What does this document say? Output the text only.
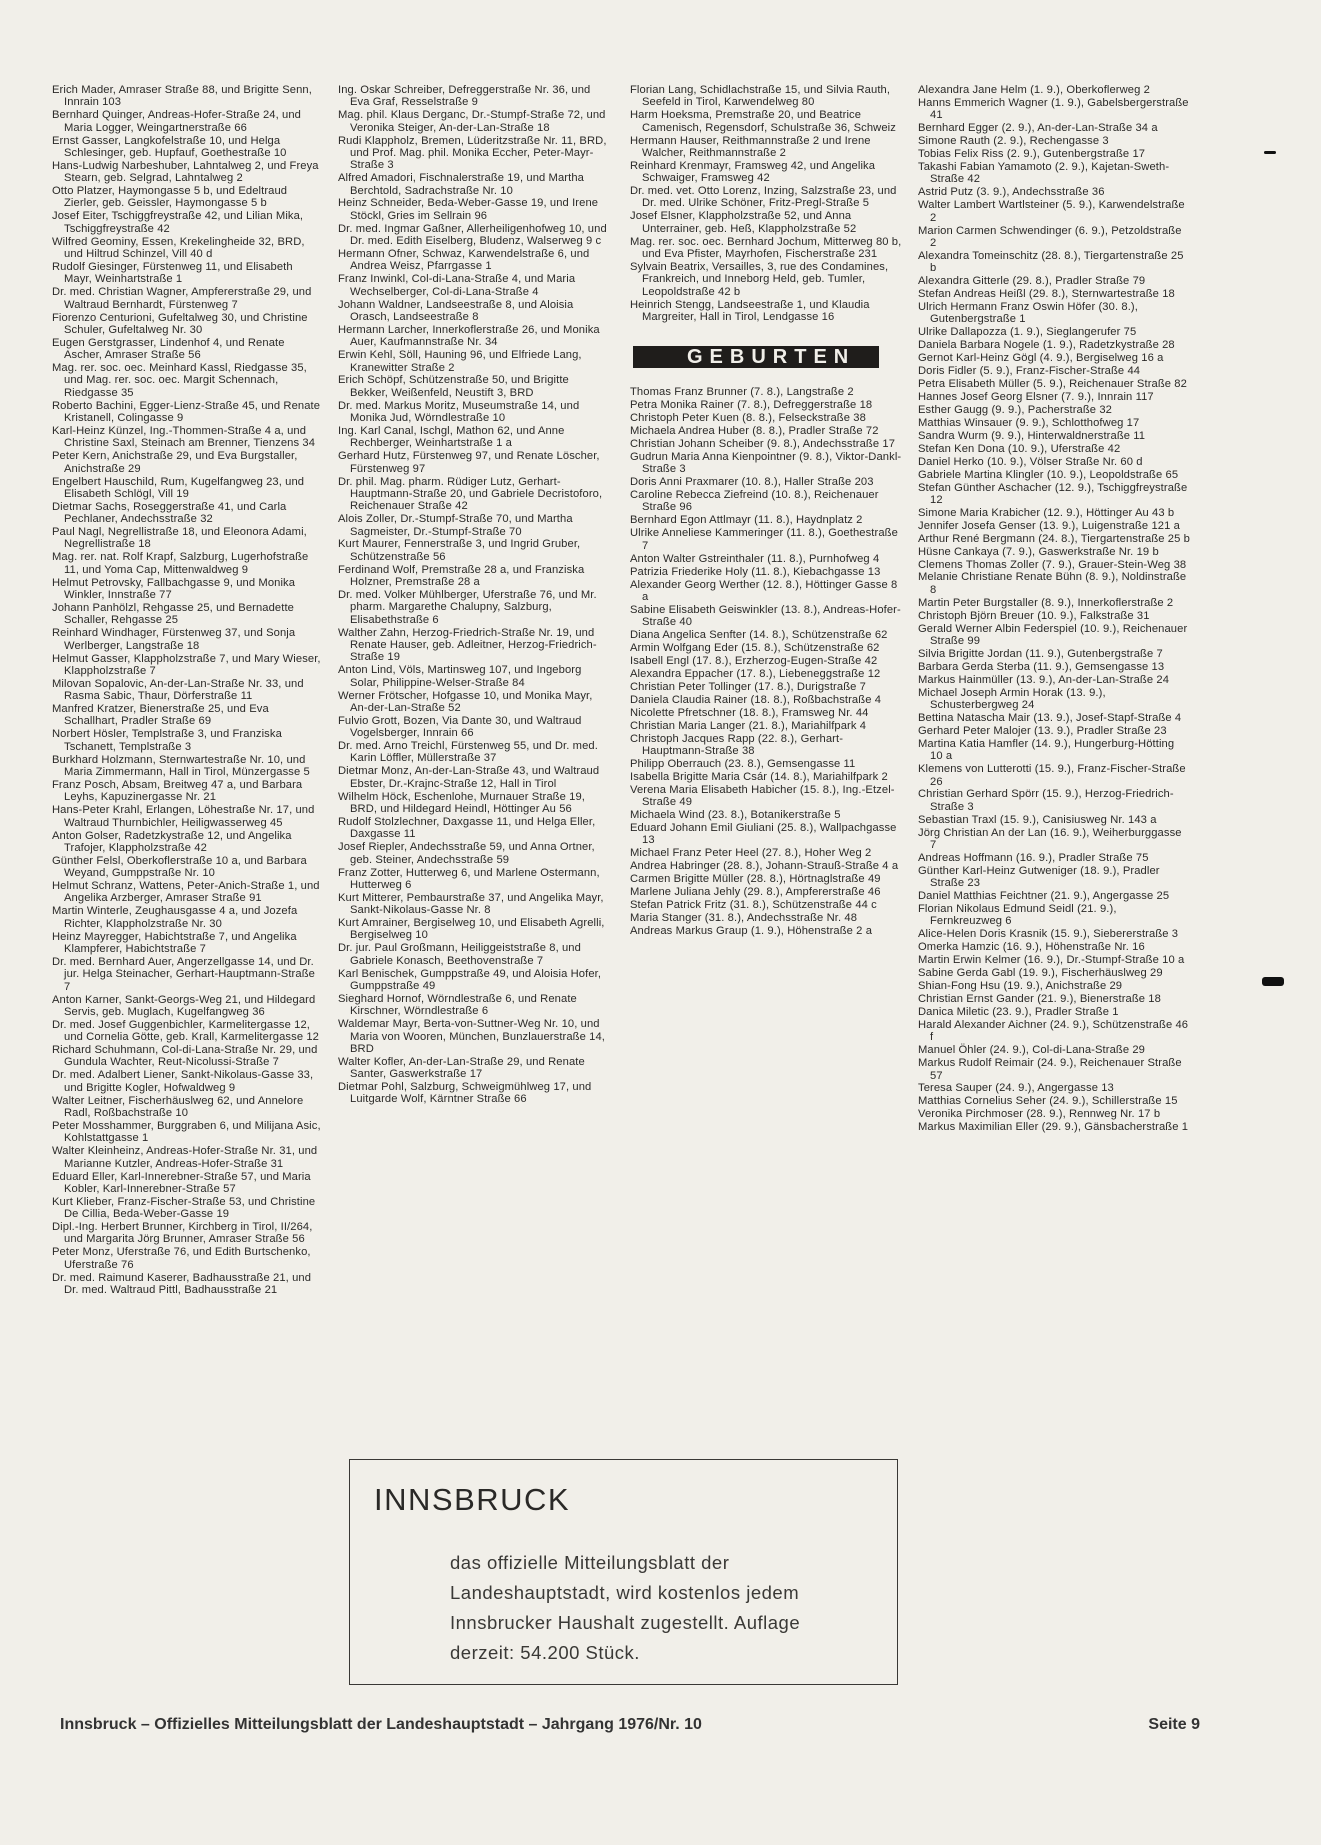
Erich Mader, Amraser Straße 88, und Brigitte Senn, Innrain 103

Bernhard Quinger, Andreas-Hofer-Straße 24, und Maria Logger, Weingartnerstraße 66

Ernst Gasser, Langkofelstraße 10, und Helga Schlesinger, geb. Hupfauf, Goethestraße 10

Hans-Ludwig Narbeshuber, Lahntalweg 2, und Freya Stearn, geb. Selgrad, Lahntalweg 2

Otto Platzer, Haymongasse 5 b, und Edeltraud Zierler, geb. Geissler, Haymongasse 5 b

Josef Eiter, Tschiggfreystraße 42, und Lilian Mika, Tschiggfreystraße 42

Wilfred Geominy, Essen, Krekelingheide 32, BRD, und Hiltrud Schinzel, Vill 40 d

Rudolf Giesinger, Fürstenweg 11, und Elisabeth Mayr, Weinhartstraße 1

Dr. med. Christian Wagner, Ampfererstraße 29, und Waltraud Bernhardt, Fürstenweg 7

Fiorenzo Centurioni, Gufeltalweg 30, und Christine Schuler, Gufeltalweg Nr. 30

Eugen Gerstgrasser, Lindenhof 4, und Renate Ascher, Amraser Straße 56

Mag. rer. soc. oec. Meinhard Kassl, Riedgasse 35, und Mag. rer. soc. oec. Margit Schennach, Riedgasse 35

Roberto Bachini, Egger-Lienz-Straße 45, und Renate Kristanell, Colingasse 9

Karl-Heinz Künzel, Ing.-Thommen-Straße 4 a, und Christine Saxl, Steinach am Brenner, Tienzens 34

Peter Kern, Anichstraße 29, und Eva Burgstaller, Anichstraße 29

Engelbert Hauschild, Rum, Kugelfangweg 23, und Elisabeth Schlögl, Vill 19

Dietmar Sachs, Roseggerstraße 41, und Carla Pechlaner, Andechsstraße 32

Paul Nagl, Negrellistraße 18, und Eleonora Adami, Negrellistraße 18

Mag. rer. nat. Rolf Krapf, Salzburg, Lugerhofstraße 11, und Yoma Cap, Mittenwaldweg 9

Helmut Petrovsky, Fallbachgasse 9, und Monika Winkler, Innstraße 77

Johann Panhölzl, Rehgasse 25, und Bernadette Schaller, Rehgasse 25

Reinhard Windhager, Fürstenweg 37, und Sonja Werlberger, Langstraße 18

Helmut Gasser, Klappholzstraße 7, und Mary Wieser, Klappholzstraße 7

Milovan Sopalovic, An-der-Lan-Straße Nr. 33, und Rasma Sabic, Thaur, Dörferstraße 11

Manfred Kratzer, Bienerstraße 25, und Eva Schallhart, Pradler Straße 69

Norbert Hösler, Templstraße 3, und Franziska Tschanett, Templstraße 3

Burkhard Holzmann, Sternwartestraße Nr. 10, und Maria Zimmermann, Hall in Tirol, Münzergasse 5

Franz Posch, Absam, Breitweg 47 a, und Barbara Leyhs, Kapuzinergasse Nr. 21

Hans-Peter Krahl, Erlangen, Löhestraße Nr. 17, und Waltraud Thurnbichler, Heiligwasserweg 45

Anton Golser, Radetzkystraße 12, und Angelika Trafojer, Klappholzstraße 42

Günther Felsl, Oberkoflerstraße 10 a, und Barbara Weyand, Gumppstraße Nr. 10

Helmut Schranz, Wattens, Peter-Anich-Straße 1, und Angelika Arzberger, Amraser Straße 91

Martin Winterle, Zeughausgasse 4 a, und Jozefa Richter, Klappholzstraße Nr. 30

Heinz Mayregger, Habichtstraße 7, und Angelika Klampferer, Habichtstraße 7

Dr. med. Bernhard Auer, Angerzellgasse 14, und Dr. jur. Helga Steinacher, Gerhart-Hauptmann-Straße 7

Anton Karner, Sankt-Georgs-Weg 21, und Hildegard Servis, geb. Muglach, Kugelfangweg 36

Dr. med. Josef Guggenbichler, Karmelitergasse 12, und Cornelia Götte, geb. Krall, Karmelitergasse 12

Richard Schuhmann, Col-di-Lana-Straße Nr. 29, und Gundula Wachter, Reut-Nicolussi-Straße 7

Dr. med. Adalbert Liener, Sankt-Nikolaus-Gasse 33, und Brigitte Kogler, Hofwaldweg 9

Walter Leitner, Fischerhäuslweg 62, und Annelore Radl, Roßbachstraße 10

Peter Mosshammer, Burggraben 6, und Milijana Asic, Kohlstattgasse 1

Walter Kleinheinz, Andreas-Hofer-Straße Nr. 31, und Marianne Kutzler, Andreas-Hofer-Straße 31

Eduard Eller, Karl-Innerebner-Straße 57, und Maria Kobler, Karl-Innerebner-Straße 57

Kurt Klieber, Franz-Fischer-Straße 53, und Christine De Cillia, Beda-Weber-Gasse 19

Dipl.-Ing. Herbert Brunner, Kirchberg in Tirol, II/264, und Margarita Jörg Brunner, Amraser Straße 56

Peter Monz, Uferstraße 76, und Edith Burtschenko, Uferstraße 76

Dr. med. Raimund Kaserer, Badhausstraße 21, und Dr. med. Waltraud Pittl, Badhausstraße 21

Ing. Oskar Schreiber, Defreggerstraße Nr. 36, und Eva Graf, Resselstraße 9

Mag. phil. Klaus Derganc, Dr.-Stumpf-Straße 72, und Veronika Steiger, An-der-Lan-Straße 18

Rudi Klappholz, Bremen, Lüderitzstraße Nr. 11, BRD, und Prof. Mag. phil. Monika Eccher, Peter-Mayr-Straße 3

Alfred Amadori, Fischnalerstraße 19, und Martha Berchtold, Sadrachstraße Nr. 10

Heinz Schneider, Beda-Weber-Gasse 19, und Irene Stöckl, Gries im Sellrain 96

Dr. med. Ingmar Gaßner, Allerheiligenhofweg 10, und Dr. med. Edith Eiselberg, Bludenz, Walserweg 9 c

Hermann Ofner, Schwaz, Karwendelstraße 6, und Andrea Weisz, Pfarrgasse 1

Franz Inwinkl, Col-di-Lana-Straße 4, und Maria Wechselberger, Col-di-Lana-Straße 4

Johann Waldner, Landseestraße 8, und Aloisia Orasch, Landseestraße 8

Hermann Larcher, Innerkoflerstraße 26, und Monika Auer, Kaufmannstraße Nr. 34

Erwin Kehl, Söll, Hauning 96, und Elfriede Lang, Kranewitter Straße 2

Erich Schöpf, Schützenstraße 50, und Brigitte Bekker, Weißenfeld, Neustift 3, BRD

Dr. med. Markus Moritz, Museumstraße 14, und Monika Jud, Wörndlestraße 10

Ing. Karl Canal, Ischgl, Mathon 62, und Anne Rechberger, Weinhartstraße 1 a

Gerhard Hutz, Fürstenweg 97, und Renate Löscher, Fürstenweg 97

Dr. phil. Mag. pharm. Rüdiger Lutz, Gerhart-Hauptmann-Straße 20, und Gabriele Decristoforo, Reichenauer Straße 42

Alois Zoller, Dr.-Stumpf-Straße 70, und Martha Sagmeister, Dr.-Stumpf-Straße 70

Kurt Maurer, Fennerstraße 3, und Ingrid Gruber, Schützenstraße 56

Ferdinand Wolf, Premstraße 28 a, und Franziska Holzner, Premstraße 28 a

Dr. med. Volker Mühlberger, Uferstraße 76, und Mr. pharm. Margarethe Chalupny, Salzburg, Elisabethstraße 6

Walther Zahn, Herzog-Friedrich-Straße Nr. 19, und Renate Hauser, geb. Adleitner, Herzog-Friedrich-Straße 19

Anton Lind, Völs, Martinsweg 107, und Ingeborg Solar, Philippine-Welser-Straße 84

Werner Frötscher, Hofgasse 10, und Monika Mayr, An-der-Lan-Straße 52

Fulvio Grott, Bozen, Via Dante 30, und Waltraud Vogelsberger, Innrain 66

Dr. med. Arno Treichl, Fürstenweg 55, und Dr. med. Karin Löffler, Müllerstraße 37

Dietmar Monz, An-der-Lan-Straße 43, und Waltraud Ebster, Dr.-Krajnc-Straße 12, Hall in Tirol

Wilhelm Höck, Eschenlohe, Murnauer Straße 19, BRD, und Hildegard Heindl, Höttinger Au 56

Rudolf Stolzlechner, Daxgasse 11, und Helga Eller, Daxgasse 11

Josef Riepler, Andechsstraße 59, und Anna Ortner, geb. Steiner, Andechsstraße 59

Franz Zotter, Hutterweg 6, und Marlene Ostermann, Hutterweg 6

Kurt Mitterer, Pembaurstraße 37, und Angelika Mayr, Sankt-Nikolaus-Gasse Nr. 8

Kurt Amrainer, Bergiselweg 10, und Elisabeth Agrelli, Bergiselweg 10

Dr. jur. Paul Großmann, Heiliggeiststraße 8, und Gabriele Konasch, Beethovenstraße 7

Karl Benischek, Gumppstraße 49, und Aloisia Hofer, Gumppstraße 49

Sieghard Hornof, Wörndlestraße 6, und Renate Kirschner, Wörndlestraße 6

Waldemar Mayr, Berta-von-Suttner-Weg Nr. 10, und Maria von Wooren, München, Bunzlauerstraße 14, BRD

Walter Kofler, An-der-Lan-Straße 29, und Renate Santer, Gaswerkstraße 17

Dietmar Pohl, Salzburg, Schweigmühlweg 17, und Luitgarde Wolf, Kärntner Straße 66

Florian Lang, Schidlachstraße 15, und Silvia Rauth, Seefeld in Tirol, Karwendelweg 80

Harm Hoeksma, Premstraße 20, und Beatrice Camenisch, Regensdorf, Schulstraße 36, Schweiz

Hermann Hauser, Reithmannstraße 2 und Irene Walcher, Reithmannstraße 2

Reinhard Krenmayr, Framsweg 42, und Angelika Schwaiger, Framsweg 42

Dr. med. vet. Otto Lorenz, Inzing, Salzstraße 23, und Dr. med. Ulrike Schöner, Fritz-Pregl-Straße 5

Josef Elsner, Klappholzstraße 52, und Anna Unterrainer, geb. Heß, Klappholzstraße 52

Mag. rer. soc. oec. Bernhard Jochum, Mitterweg 80 b, und Eva Pfister, Mayrhofen, Fischerstraße 231

Sylvain Beatrix, Versailles, 3, rue des Condamines, Frankreich, und Inneborg Held, geb. Tumler, Leopoldstraße 42 b

Heinrich Stengg, Landseestraße 1, und Klaudia Margreiter, Hall in Tirol, Lendgasse 16

GEBURTEN

Thomas Franz Brunner (7. 8.), Langstraße 2

Petra Monika Rainer (7. 8.), Defreggerstraße 18

Christoph Peter Kuen (8. 8.), Felseckstraße 38

Michaela Andrea Huber (8. 8.), Pradler Straße 72

Christian Johann Scheiber (9. 8.), Andechsstraße 17

Gudrun Maria Anna Kienpointner (9. 8.), Viktor-Dankl-Straße 3

Doris Anni Praxmarer (10. 8.), Haller Straße 203

Caroline Rebecca Ziefreind (10. 8.), Reichenauer Straße 96

Bernhard Egon Attlmayr (11. 8.), Haydnplatz 2

Ulrike Anneliese Kammeringer (11. 8.), Goethestraße 7

Anton Walter Gstreinthaler (11. 8.), Purnhofweg 4

Patrizia Friederike Holy (11. 8.), Kiebachgasse 13

Alexander Georg Werther (12. 8.), Höttinger Gasse 8 a

Sabine Elisabeth Geiswinkler (13. 8.), Andreas-Hofer-Straße 40

Diana Angelica Senfter (14. 8.), Schützenstraße 62

Armin Wolfgang Eder (15. 8.), Schützenstraße 62

Isabell Engl (17. 8.), Erzherzog-Eugen-Straße 42

Alexandra Eppacher (17. 8.), Liebeneggstraße 12

Christian Peter Tollinger (17. 8.), Durigstraße 7

Daniela Claudia Rainer (18. 8.), Roßbachstraße 4

Nicolette Pfretschner (18. 8.), Framsweg Nr. 44

Christian Maria Langer (21. 8.), Mariahilfpark 4

Christoph Jacques Rapp (22. 8.), Gerhart-Hauptmann-Straße 38

Philipp Oberrauch (23. 8.), Gemsengasse 11

Isabella Brigitte Maria Csár (14. 8.), Mariahilfpark 2

Verena Maria Elisabeth Habicher (15. 8.), Ing.-Etzel-Straße 49

Michaela Wind (23. 8.), Botanikerstraße 5

Eduard Johann Emil Giuliani (25. 8.), Wallpachgasse 13

Michael Franz Peter Heel (27. 8.), Hoher Weg 2

Andrea Habringer (28. 8.), Johann-Strauß-Straße 4 a

Carmen Brigitte Müller (28. 8.), Hörtnaglstraße 49

Marlene Juliana Jehly (29. 8.), Ampfererstraße 46

Stefan Patrick Fritz (31. 8.), Schützenstraße 44 c

Maria Stanger (31. 8.), Andechsstraße Nr. 48

Andreas Markus Graup (1. 9.), Höhenstraße 2 a

Alexandra Jane Helm (1. 9.), Oberkoflerweg 2

Hanns Emmerich Wagner (1. 9.), Gabelsbergerstraße 41

Bernhard Egger (2. 9.), An-der-Lan-Straße 34 a

Simone Rauth (2. 9.), Rechengasse 3

Tobias Felix Riss (2. 9.), Gutenbergstraße 17

Takashi Fabian Yamamoto (2. 9.), Kajetan-Sweth-Straße 42

Astrid Putz (3. 9.), Andechsstraße 36

Walter Lambert Wartlsteiner (5. 9.), Karwendelstraße 2

Marion Carmen Schwendinger (6. 9.), Petzoldstraße 2

Alexandra Tomeinschitz (28. 8.), Tiergartenstraße 25 b

Alexandra Gitterle (29. 8.), Pradler Straße 79

Stefan Andreas Heißl (29. 8.), Sternwartestraße 18

Ulrich Hermann Franz Oswin Höfer (30. 8.), Gutenbergstraße 1

Ulrike Dallapozza (1. 9.), Sieglangerufer 75

Daniela Barbara Nogele (1. 9.), Radetzkystraße 28

Gernot Karl-Heinz Gögl (4. 9.), Bergiselweg 16 a

Doris Fidler (5. 9.), Franz-Fischer-Straße 44

Petra Elisabeth Müller (5. 9.), Reichenauer Straße 82

Hannes Josef Georg Elsner (7. 9.), Innrain 117

Esther Gaugg (9. 9.), Pacherstraße 32

Matthias Winsauer (9. 9.), Schlotthofweg 17

Sandra Wurm (9. 9.), Hinterwaldnerstraße 11

Stefan Ken Dona (10. 9.), Uferstraße 42

Daniel Herko (10. 9.), Völser Straße Nr. 60 d

Gabriele Martina Klingler (10. 9.), Leopoldstraße 65

Stefan Günther Aschacher (12. 9.), Tschiggfreystraße 12

Simone Maria Krabicher (12. 9.), Höttinger Au 43 b

Jennifer Josefa Genser (13. 9.), Luigenstraße 121 a

Arthur René Bergmann (24. 8.), Tiergartenstraße 25 b

Hüsne Cankaya (7. 9.), Gaswerkstraße Nr. 19 b

Clemens Thomas Zoller (7. 9.), Grauer-Stein-Weg 38

Melanie Christiane Renate Bühn (8. 9.), Noldinstraße 8

Martin Peter Burgstaller (8. 9.), Innerkoflerstraße 2

Christoph Björn Breuer (10. 9.), Falkstraße 31

Gerald Werner Albin Federspiel (10. 9.), Reichenauer Straße 99

Silvia Brigitte Jordan (11. 9.), Gutenbergstraße 7

Barbara Gerda Sterba (11. 9.), Gemsengasse 13

Markus Hainmüller (13. 9.), An-der-Lan-Straße 24

Michael Joseph Armin Horak (13. 9.), Schusterbergweg 24

Bettina Natascha Mair (13. 9.), Josef-Stapf-Straße 4

Gerhard Peter Malojer (13. 9.), Pradler Straße 23

Martina Katia Hamfler (14. 9.), Hungerburg-Hötting 10 a

Klemens von Lutterotti (15. 9.), Franz-Fischer-Straße 26

Christian Gerhard Spörr (15. 9.), Herzog-Friedrich-Straße 3

Sebastian Traxl (15. 9.), Canisiusweg Nr. 143 a

Jörg Christian An der Lan (16. 9.), Weiherburggasse 7

Andreas Hoffmann (16. 9.), Pradler Straße 75

Günther Karl-Heinz Gutweniger (18. 9.), Pradler Straße 23

Daniel Matthias Feichtner (21. 9.), Angergasse 25

Florian Nikolaus Edmund Seidl (21. 9.), Fernkreuzweg 6

Alice-Helen Doris Krasnik (15. 9.), Siebererstraße 3

Omerka Hamzic (16. 9.), Höhenstraße Nr. 16

Martin Erwin Kelmer (16. 9.), Dr.-Stumpf-Straße 10 a

Sabine Gerda Gabl (19. 9.), Fischerhäuslweg 29

Shian-Fong Hsu (19. 9.), Anichstraße 29

Christian Ernst Gander (21. 9.), Bienerstraße 18

Danica Miletic (23. 9.), Pradler Straße 1

Harald Alexander Aichner (24. 9.), Schützenstraße 46 f

Manuel Öhler (24. 9.), Col-di-Lana-Straße 29

Markus Rudolf Reimair (24. 9.), Reichenauer Straße 57

Teresa Sauper (24. 9.), Angergasse 13

Matthias Cornelius Seher (24. 9.), Schillerstraße 15

Veronika Pirchmoser (28. 9.), Rennweg Nr. 17 b

Markus Maximilian Eller (29. 9.), Gänsbacherstraße 1

INNSBRUCK
das offizielle Mitteilungsblatt der Landeshauptstadt, wird kostenlos jedem Innsbrucker Haushalt zugestellt. Auflage derzeit: 54.200 Stück.
Innsbruck – Offizielles Mitteilungsblatt der Landeshauptstadt – Jahrgang 1976/Nr. 10	Seite 9
